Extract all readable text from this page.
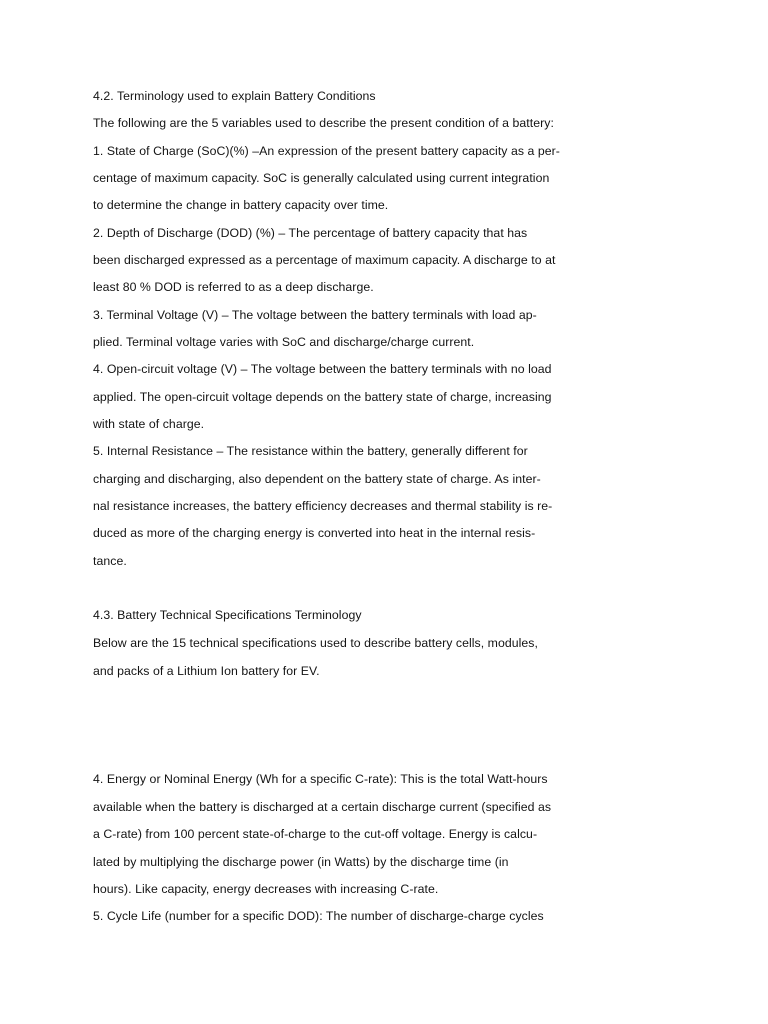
4.2. Terminology used to explain Battery Conditions
The following are the 5 variables used to describe the present condition of a battery:
1. State of Charge (SoC)(%) –An expression of the present battery capacity as a per-
centage of maximum capacity. SoC is generally calculated using current integration
to determine the change in battery capacity over time.
2. Depth of Discharge (DOD) (%) – The percentage of battery capacity that has
been discharged expressed as a percentage of maximum capacity. A discharge to at
least 80 % DOD is referred to as a deep discharge.
3. Terminal Voltage (V) – The voltage between the battery terminals with load ap-
plied. Terminal voltage varies with SoC and discharge/charge current.
4. Open-circuit voltage (V) – The voltage between the battery terminals with no load
applied. The open-circuit voltage depends on the battery state of charge, increasing
with state of charge.
5. Internal Resistance – The resistance within the battery, generally different for
charging and discharging, also dependent on the battery state of charge. As inter-
nal resistance increases, the battery efficiency decreases and thermal stability is re-
duced as more of the charging energy is converted into heat in the internal resis-
tance.
4.3. Battery Technical Specifications Terminology
Below are the 15 technical specifications used to describe battery cells, modules,
and packs of a Lithium Ion battery for EV.
4. Energy or Nominal Energy (Wh for a specific C-rate): This is the total Watt-hours
available when the battery is discharged at a certain discharge current (specified as
a C-rate) from 100 percent state-of-charge to the cut-off voltage. Energy is calcu-
lated by multiplying the discharge power (in Watts) by the discharge time (in
hours). Like capacity, energy decreases with increasing C-rate.
5. Cycle Life (number for a specific DOD): The number of discharge-charge cycles
